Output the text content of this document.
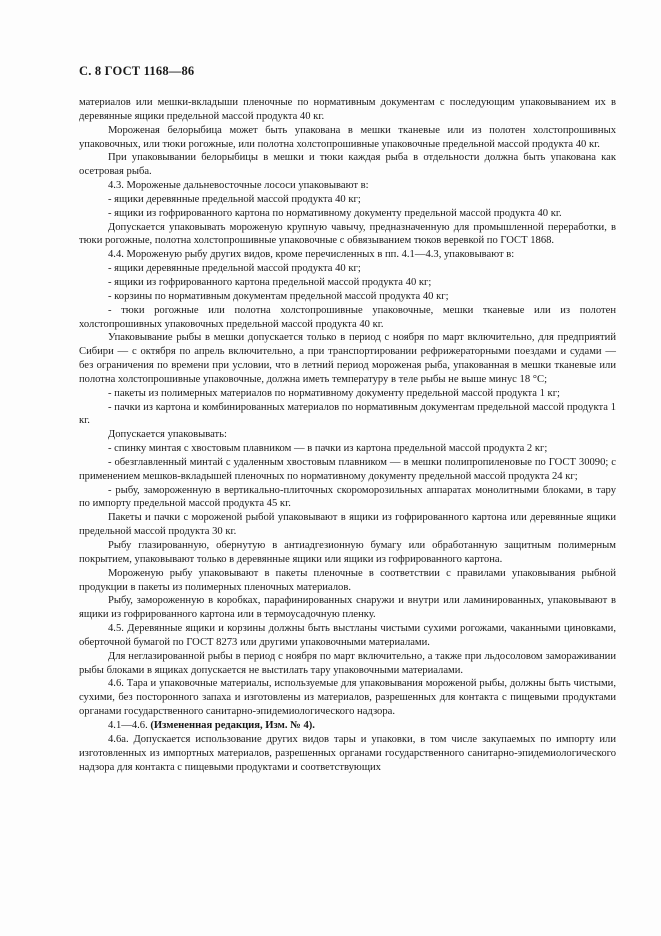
С. 8 ГОСТ 1168—86

материалов или мешки-вкладыши пленочные по нормативным документам с последующим упаковыванием их в деревянные ящики предельной массой продукта 40 кг.

Мороженая белорыбица может быть упакована в мешки тканевые или из полотен холстопрошивных упаковочных, или тюки рогожные, или полотна холстопрошивные упаковочные предельной массой продукта 40 кг.

При упаковывании белорыбицы в мешки и тюки каждая рыба в отдельности должна быть упакована как осетровая рыба.

4.3. Мороженые дальневосточные лососи упаковывают в:

- ящики деревянные предельной массой продукта 40 кг;

- ящики из гофрированного картона по нормативному документу предельной массой продукта 40 кг.

Допускается упаковывать мороженую крупную чавычу, предназначенную для промышленной переработки, в тюки рогожные, полотна холстопрошивные упаковочные с обвязыванием тюков веревкой по ГОСТ 1868.

4.4. Мороженую рыбу других видов, кроме перечисленных в пп. 4.1—4.3, упаковывают в:

- ящики деревянные предельной массой продукта 40 кг;

- ящики из гофрированного картона предельной массой продукта 40 кг;

- корзины по нормативным документам предельной массой продукта 40 кг;

- тюки рогожные или полотна холстопрошивные упаковочные, мешки тканевые или из полотен холстопрошивных упаковочных предельной массой продукта 40 кг.

Упаковывание рыбы в мешки допускается только в период с ноября по март включительно, для предприятий Сибири — с октября по апрель включительно, а при транспортировании рефрижераторными поездами и судами — без ограничения по времени при условии, что в летний период мороженая рыба, упакованная в мешки тканевые или полотна холстопрошивные упаковочные, должна иметь температуру в теле рыбы не выше минус 18 °С;

- пакеты из полимерных материалов по нормативному документу предельной массой продукта 1 кг;

- пачки из картона и комбинированных материалов по нормативным документам предельной массой продукта 1 кг.

Допускается упаковывать:

- спинку минтая с хвостовым плавником — в пачки из картона предельной массой продукта 2 кг;

- обезглавленный минтай с удаленным хвостовым плавником — в мешки полипропиленовые по ГОСТ 30090; с применением мешков-вкладышей пленочных по нормативному документу предельной массой продукта 24 кг;

- рыбу, замороженную в вертикально-плиточных скороморозильных аппаратах монолитными блоками, в тару по импорту предельной массой продукта 45 кг.

Пакеты и пачки с мороженой рыбой упаковывают в ящики из гофрированного картона или деревянные ящики предельной массой продукта 30 кг.

Рыбу глазированную, обернутую в антиадгезионную бумагу или обработанную защитным полимерным покрытием, упаковывают только в деревянные ящики или ящики из гофрированного картона.

Мороженую рыбу упаковывают в пакеты пленочные в соответствии с правилами упаковывания рыбной продукции в пакеты из полимерных пленочных материалов.

Рыбу, замороженную в коробках, парафинированных снаружи и внутри или ламинированных, упаковывают в ящики из гофрированного картона или в термоусадочную пленку.

4.5. Деревянные ящики и корзины должны быть выстланы чистыми сухими рогожами, чаканными циновками, оберточной бумагой по ГОСТ 8273 или другими упаковочными материалами.

Для неглазированной рыбы в период с ноября по март включительно, а также при льдосоловом замораживании рыбы блоками в ящиках допускается не выстилать тару упаковочными материалами.

4.6. Тара и упаковочные материалы, используемые для упаковывания мороженой рыбы, должны быть чистыми, сухими, без посторонного запаха и изготовлены из материалов, разрешенных для контакта с пищевыми продуктами органами государственного санитарно-эпидемиологического надзора.

4.1—4.6. (Измененная редакция, Изм. № 4).

4.6а. Допускается использование других видов тары и упаковки, в том числе закупаемых по импорту или изготовленных из импортных материалов, разрешенных органами государственного санитарно-эпидемиологического надзора для контакта с пищевыми продуктами и соответствующих
